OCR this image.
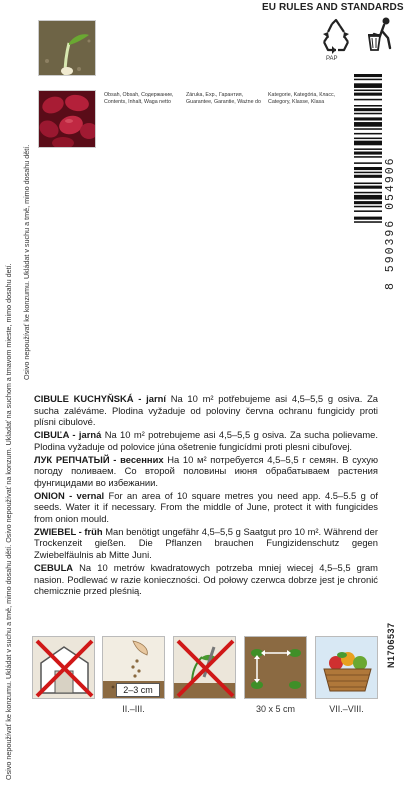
Osivo nepoužívať ke konzumu. Ukládat v suchu a tmě, mimo dosahu dětí. Osivo nepoužívať na konzum. Ukladať na suchom a tmavom mieste, mimo dosahu detí.
Osivo nepoužívať ke konzumu. Ukládat v suchu a tmě, mimo dosahu dětí.
EU RULES AND STANDARDS
Obsah, Obsah, Содержание, Contents, Inhalt, Waga netto
Záruka, Exp., Гарантия, Guarantee, Garantie, Ważne do
Kategorie, Kategória, Класс, Category, Klasse, Klasa
PAP
8 590396 054906

CIBULE KUCHYŇSKÁ - jarní Na 10 m² potřebujeme asi 4,5–5,5 g osiva. Za sucha zaléváme. Plodina vyžaduje od poloviny června ochranu fungicidy proti plísni cibulové.

CIBUĽA - jarná Na 10 m² potrebujeme asi 4,5–5,5 g osiva. Za sucha polievame. Plodina vyžaduje od polovice júna ošetrenie fungicídmi proti plesni cibuľovej.

ЛУК РЕПЧАТЫЙ - весенних На 10 м² потребуется 4,5–5,5 г семян. В сухую погоду поливаем. Со второй половины июня обрабатываем растения фунгицидами во избежании.

ONION - vernal For an area of 10 square metres you need app. 4.5–5.5 g of seeds. Water it if necessary. From the middle of June, protect it with fungicides from onion mould.

ZWIEBEL - früh Man benötigt ungefähr 4,5–5,5 g Saatgut pro 10 m². Während der Trockenzeit gießen. Die Pflanzen brauchen Fungizidenschutz gegen Zwiebelfäulnis ab Mitte Juni.

CEBULA Na 10 metrów kwadratowych potrzeba mniej wiecej 4,5–5,5 gram nasion. Podlewać w razie konieczności. Od połowy czerwca dobrze jest je chronić chemicznie przed pleśnią.

N1706537
2–3 cm
II.–III.	30 x 5 cm	VII.–VIII.
